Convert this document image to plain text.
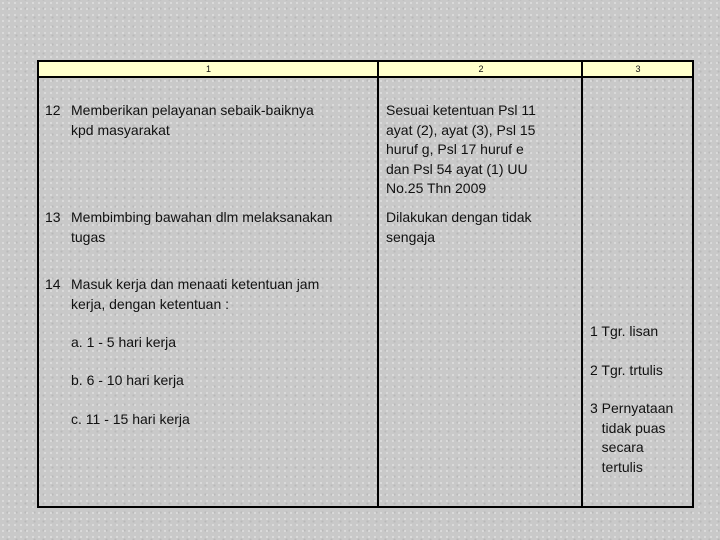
1	2	3
12 Memberikan pelayanan sebaik-baiknya
kpd masyarakat
Sesuai ketentuan Psl 11
ayat (2), ayat (3), Psl 15
huruf g, Psl 17 huruf e
dan Psl 54 ayat (1) UU
No.25 Thn 2009
13 Membimbing bawahan dlm melaksanakan
tugas
Dilakukan dengan tidak
sengaja
14 Masuk kerja dan menaati ketentuan jam
kerja, dengan ketentuan :
a. 1 - 5 hari kerja
b. 6 - 10 hari kerja
c. 11 - 15 hari kerja
1 Tgr. lisan
2 Tgr. trtulis
3 Pernyataan
tidak puas
secara
tertulis
